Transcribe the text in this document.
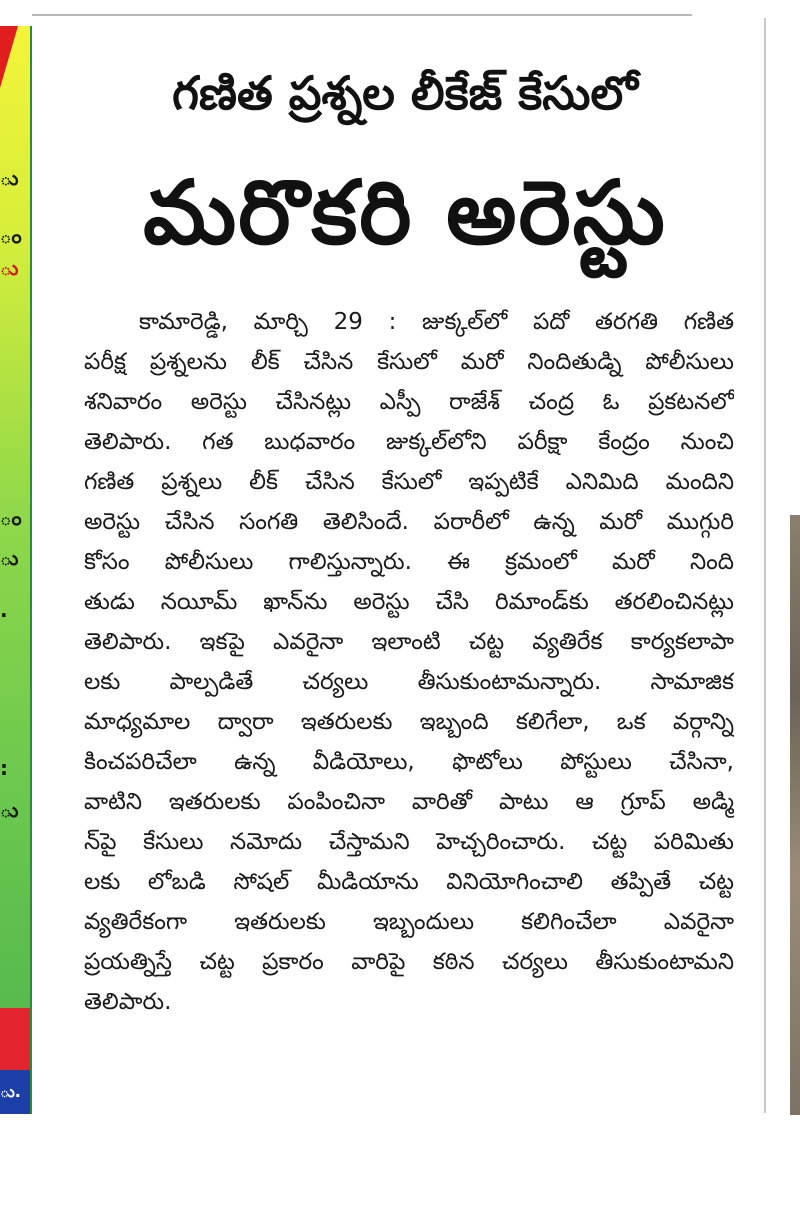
ు
ం
ు
ం
ు
.
:
ు
ు.
గణిత ప్రశ్నల లీకేజ్ కేసులో
మరొకరి అరెస్టు
కామారెడ్డి, మార్చి 29 : జుక్కల్‌లో పదో తరగతి గణిత
పరీక్ష ప్రశ్నలను లీక్ చేసిన కేసులో మరో నిందితుడ్ని పోలీసులు
శనివారం అరెస్టు చేసినట్లు ఎస్పీ రాజేశ్ చంద్ర ఓ ప్రకటనలో
తెలిపారు. గత బుధవారం జుక్కల్‌లోని పరీక్షా కేంద్రం నుంచి
గణిత ప్రశ్నలు లీక్ చేసిన కేసులో ఇప్పటికే ఎనిమిది మందిని
అరెస్టు చేసిన సంగతి తెలిసిందే. పరారీలో ఉన్న మరో ముగ్గురి
కోసం పోలీసులు గాలిస్తున్నారు. ఈ క్రమంలో మరో నింది
తుడు నయీమ్ ఖాన్‌ను అరెస్టు చేసి రిమాండ్‌కు తరలించినట్లు
తెలిపారు. ఇకపై ఎవరైనా ఇలాంటి చట్ట వ్యతిరేక కార్యకలాపా
లకు పాల్పడితే చర్యలు తీసుకుంటామన్నారు. సామాజిక
మాధ్యమాల ద్వారా ఇతరులకు ఇబ్బంది కలిగేలా, ఒక వర్గాన్ని
కించపరిచేలా ఉన్న వీడియోలు, ఫొటోలు పోస్టులు చేసినా,
వాటిని ఇతరులకు పంపించినా వారితో పాటు ఆ గ్రూప్ అడ్మి
న్‌పై కేసులు నమోదు చేస్తామని హెచ్చరించారు. చట్ట పరిమితు
లకు లోబడి సోషల్ మీడియాను వినియోగించాలి తప్పితే చట్ట
వ్యతిరేకంగా ఇతరులకు ఇబ్బందులు కలిగించేలా ఎవరైనా
ప్రయత్నిస్తే చట్ట ప్రకారం వారిపై కఠిన చర్యలు తీసుకుంటామని
తెలిపారు.
